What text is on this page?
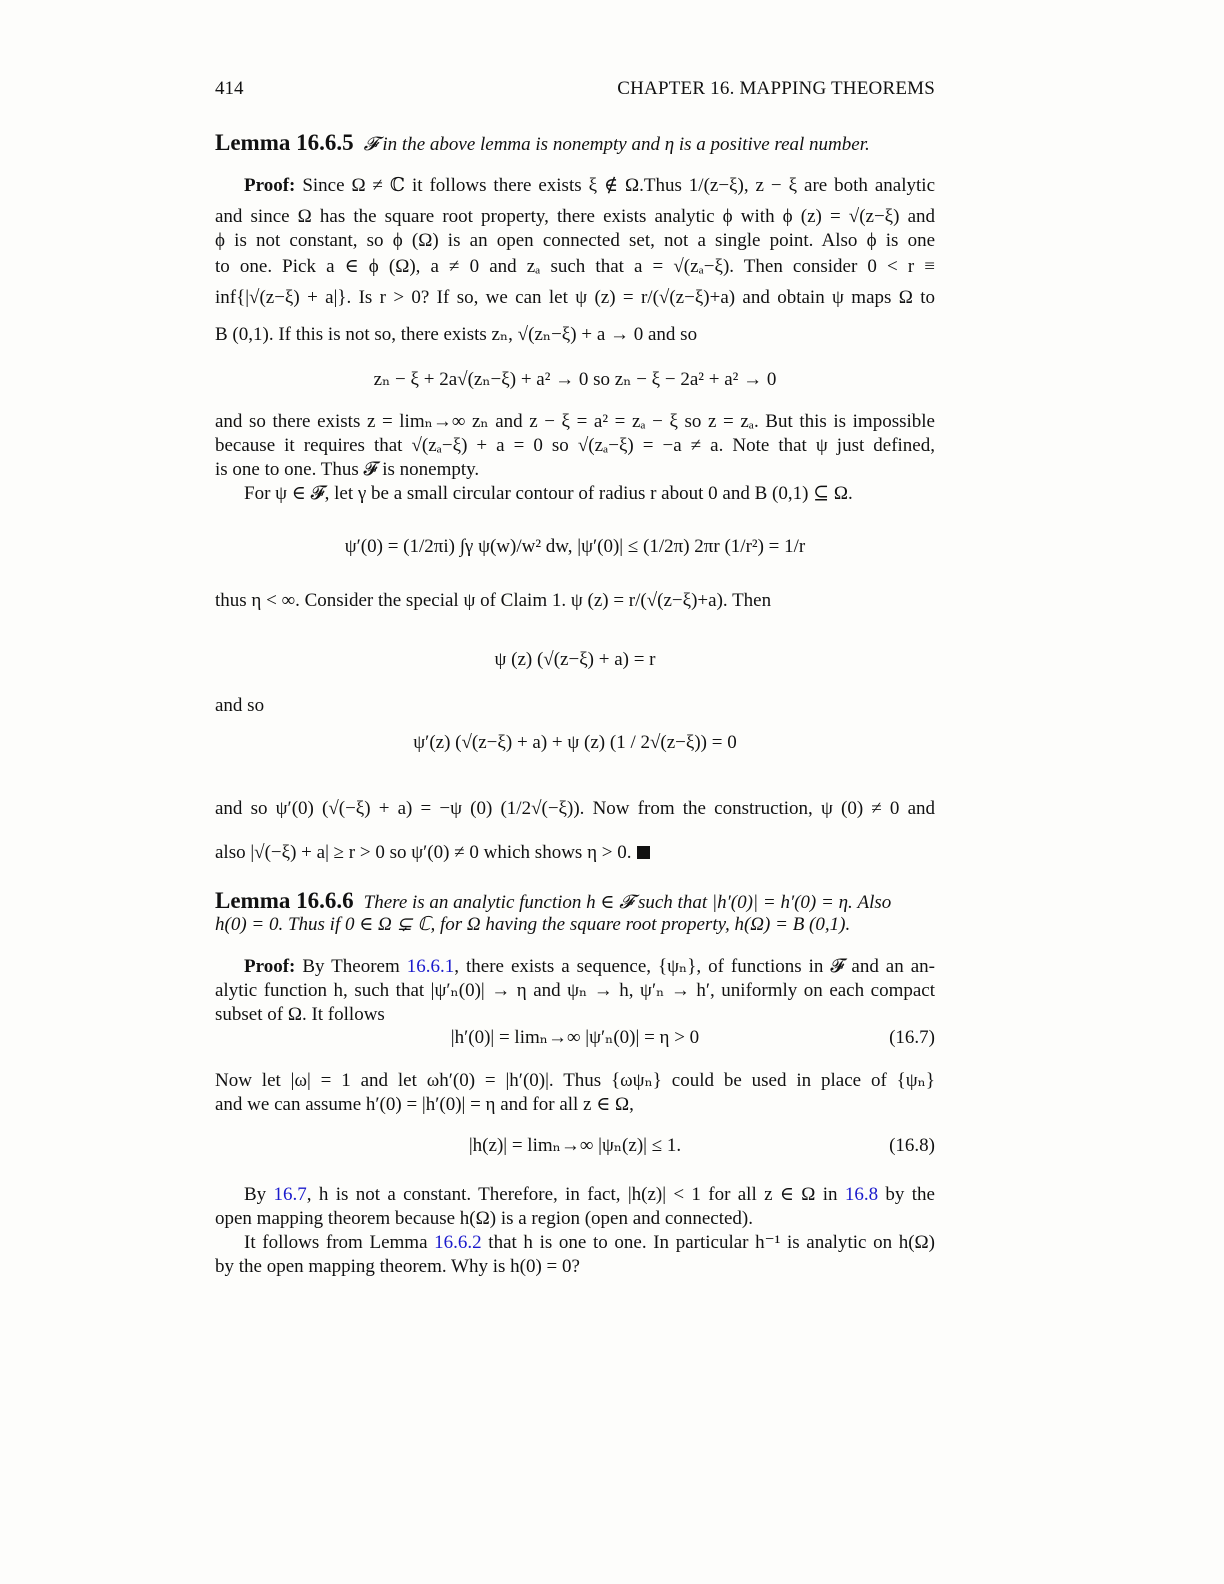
414	CHAPTER 16. MAPPING THEOREMS
Lemma 16.6.5 𝓕 in the above lemma is nonempty and η is a positive real number.
Proof: Since Ω ≠ ℂ it follows there exists ξ ∉ Ω.Thus 1/(z−ξ), z − ξ are both analytic
and since Ω has the square root property, there exists analytic ϕ with ϕ (z) = √(z−ξ) and
ϕ is not constant, so ϕ (Ω) is an open connected set, not a single point. Also ϕ is one
to one. Pick a ∈ ϕ (Ω), a ≠ 0 and zₐ such that a = √(zₐ−ξ). Then consider 0 < r ≡
inf{|√(z−ξ) + a|}. Is r > 0? If so, we can let ψ (z) = r/(√(z−ξ)+a) and obtain ψ maps Ω to
B (0,1). If this is not so, there exists zₙ, √(zₙ−ξ) + a → 0 and so
zₙ − ξ + 2a√(zₙ−ξ) + a² → 0 so zₙ − ξ − 2a² + a² → 0
and so there exists z = limₙ→∞ zₙ and z − ξ = a² = zₐ − ξ so z = zₐ. But this is impossible
because it requires that √(zₐ−ξ) + a = 0 so √(zₐ−ξ) = −a ≠ a. Note that ψ just defined,
is one to one. Thus 𝓕 is nonempty.
For ψ ∈ 𝓕, let γ be a small circular contour of radius r about 0 and B (0,1) ⊆ Ω.
ψ′(0) = (1/2πi) ∫γ ψ(w)/w² dw, |ψ′(0)| ≤ (1/2π) 2πr (1/r²) = 1/r
thus η < ∞. Consider the special ψ of Claim 1. ψ (z) = r/(√(z−ξ)+a). Then
ψ (z) (√(z−ξ) + a) = r
and so
ψ′(z) (√(z−ξ) + a) + ψ (z) (1 / 2√(z−ξ)) = 0
and so ψ′(0) (√(−ξ) + a) = −ψ (0) (1/2√(−ξ)). Now from the construction, ψ (0) ≠ 0 and
also |√(−ξ) + a| ≥ r > 0 so ψ′(0) ≠ 0 which shows η > 0.
Lemma 16.6.6 There is an analytic function h ∈ 𝓕 such that |h′(0)| = h′(0) = η. Also
h(0) = 0. Thus if 0 ∈ Ω ⊊ ℂ, for Ω having the square root property, h(Ω) = B (0,1).
Proof: By Theorem 16.6.1, there exists a sequence, {ψₙ}, of functions in 𝓕 and an an-
alytic function h, such that |ψ′ₙ(0)| → η and ψₙ → h, ψ′ₙ → h′, uniformly on each compact
subset of Ω. It follows
|h′(0)| = limₙ→∞ |ψ′ₙ(0)| = η > 0	(16.7)
Now let |ω| = 1 and let ωh′(0) = |h′(0)|. Thus {ωψₙ} could be used in place of {ψₙ}
and we can assume h′(0) = |h′(0)| = η and for all z ∈ Ω,
|h(z)| = limₙ→∞ |ψₙ(z)| ≤ 1.	(16.8)
By 16.7, h is not a constant. Therefore, in fact, |h(z)| < 1 for all z ∈ Ω in 16.8 by the
open mapping theorem because h(Ω) is a region (open and connected).
It follows from Lemma 16.6.2 that h is one to one. In particular h⁻¹ is analytic on h(Ω)
by the open mapping theorem. Why is h(0) = 0?
